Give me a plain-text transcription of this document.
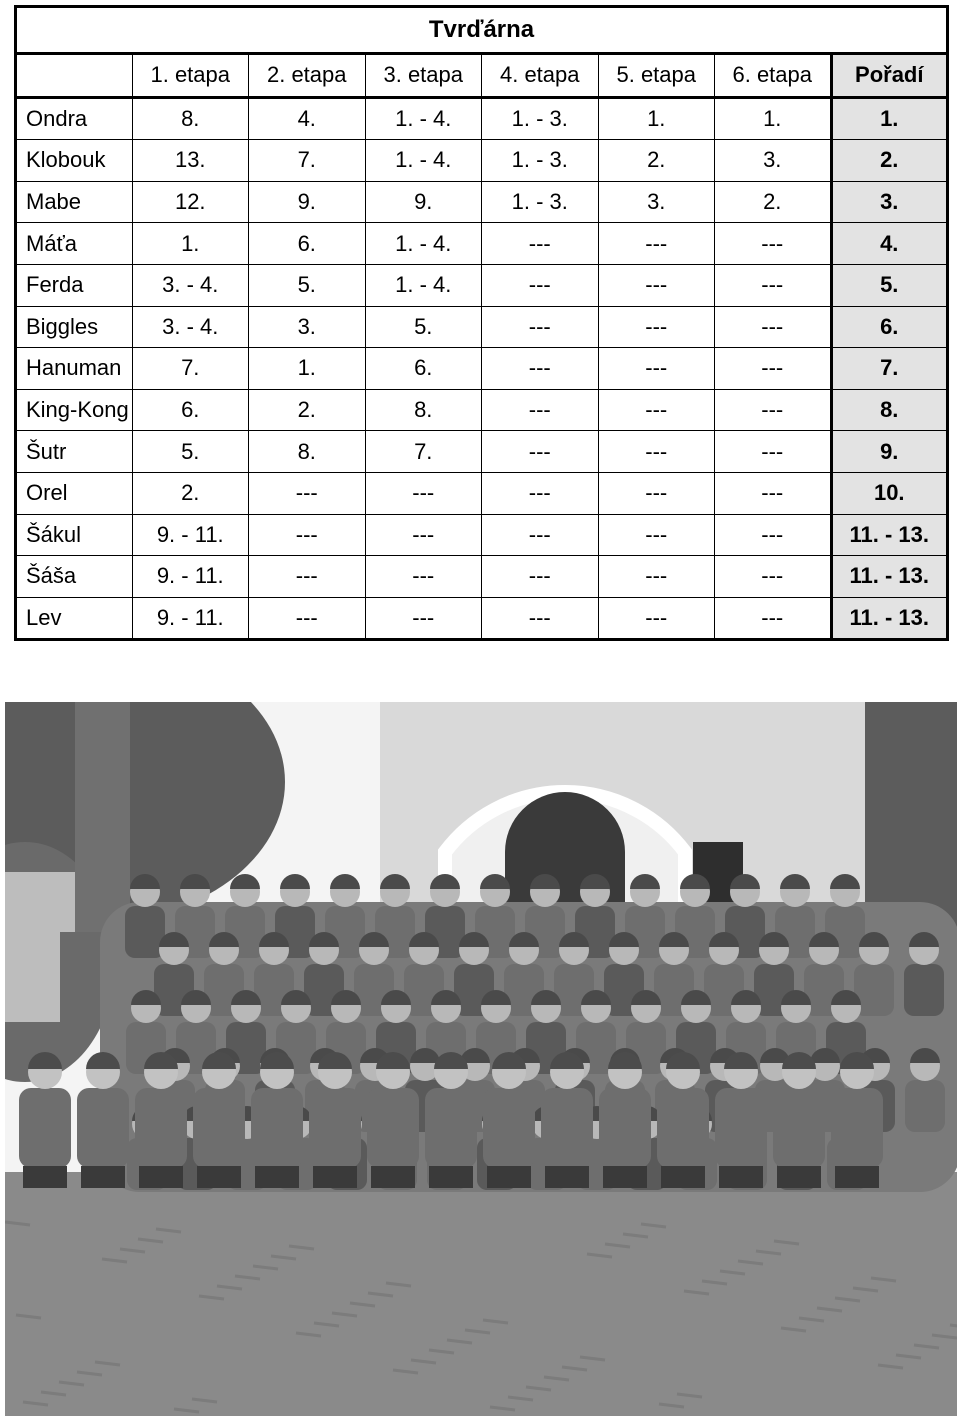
Tvrďárna							
	1. etapa	2. etapa	3. etapa	4. etapa	5. etapa	6. etapa	Pořadí
Ondra	8.	4.	1. - 4.	1. - 3.	1.	1.	1.
Klobouk	13.	7.	1. - 4.	1. - 3.	2.	3.	2.
Mabe	12.	9.	9.	1. - 3.	3.	2.	3.
Máťa	1.	6.	1. - 4.	---	---	---	4.
Ferda	3. - 4.	5.	1. - 4.	---	---	---	5.
Biggles	3. - 4.	3.	5.	---	---	---	6.
Hanuman	7.	1.	6.	---	---	---	7.
King-Kong	6.	2.	8.	---	---	---	8.
Šutr	5.	8.	7.	---	---	---	9.
Orel	2.	---	---	---	---	---	10.
Šákul	9. - 11.	---	---	---	---	---	11. - 13.
Šáša	9. - 11.	---	---	---	---	---	11. - 13.
Lev	9. - 11.	---	---	---	---	---	11. - 13.
